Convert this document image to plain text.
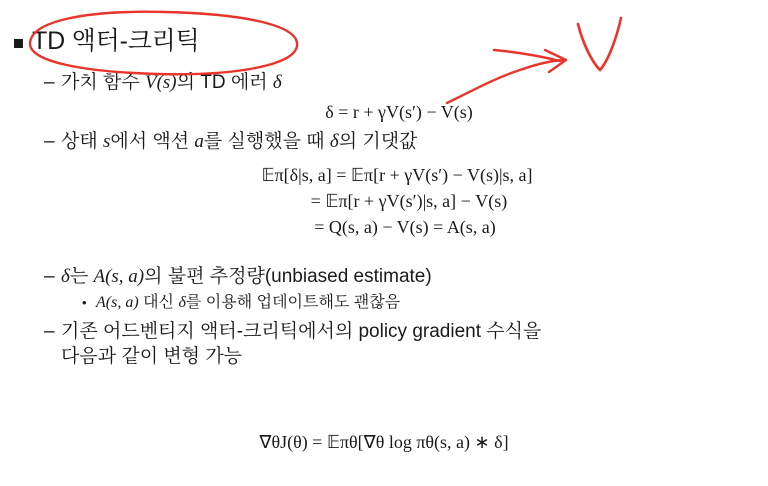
TD 액터-크리틱
– 가치 함수 V(s)의 TD 에러 δ
δ = r + γV(s′) − V(s)
– 상태 s에서 액션 a를 실행했을 때 δ의 기댓값
𝔼π[δ|s, a] = 𝔼π[r + γV(s′) − V(s)|s, a]
= 𝔼π[r + γV(s′)|s, a] − V(s)
= Q(s, a) − V(s) = A(s, a)
– δ는 A(s, a)의 불편 추정량(unbiased estimate)
• A(s, a) 대신 δ를 이용해 업데이트해도 괜찮음
– 기존 어드벤티지 액터-크리틱에서의 policy gradient 수식을
다음과 같이 변형 가능
∇θJ(θ) = 𝔼πθ[∇θ log πθ(s, a) ∗ δ]
